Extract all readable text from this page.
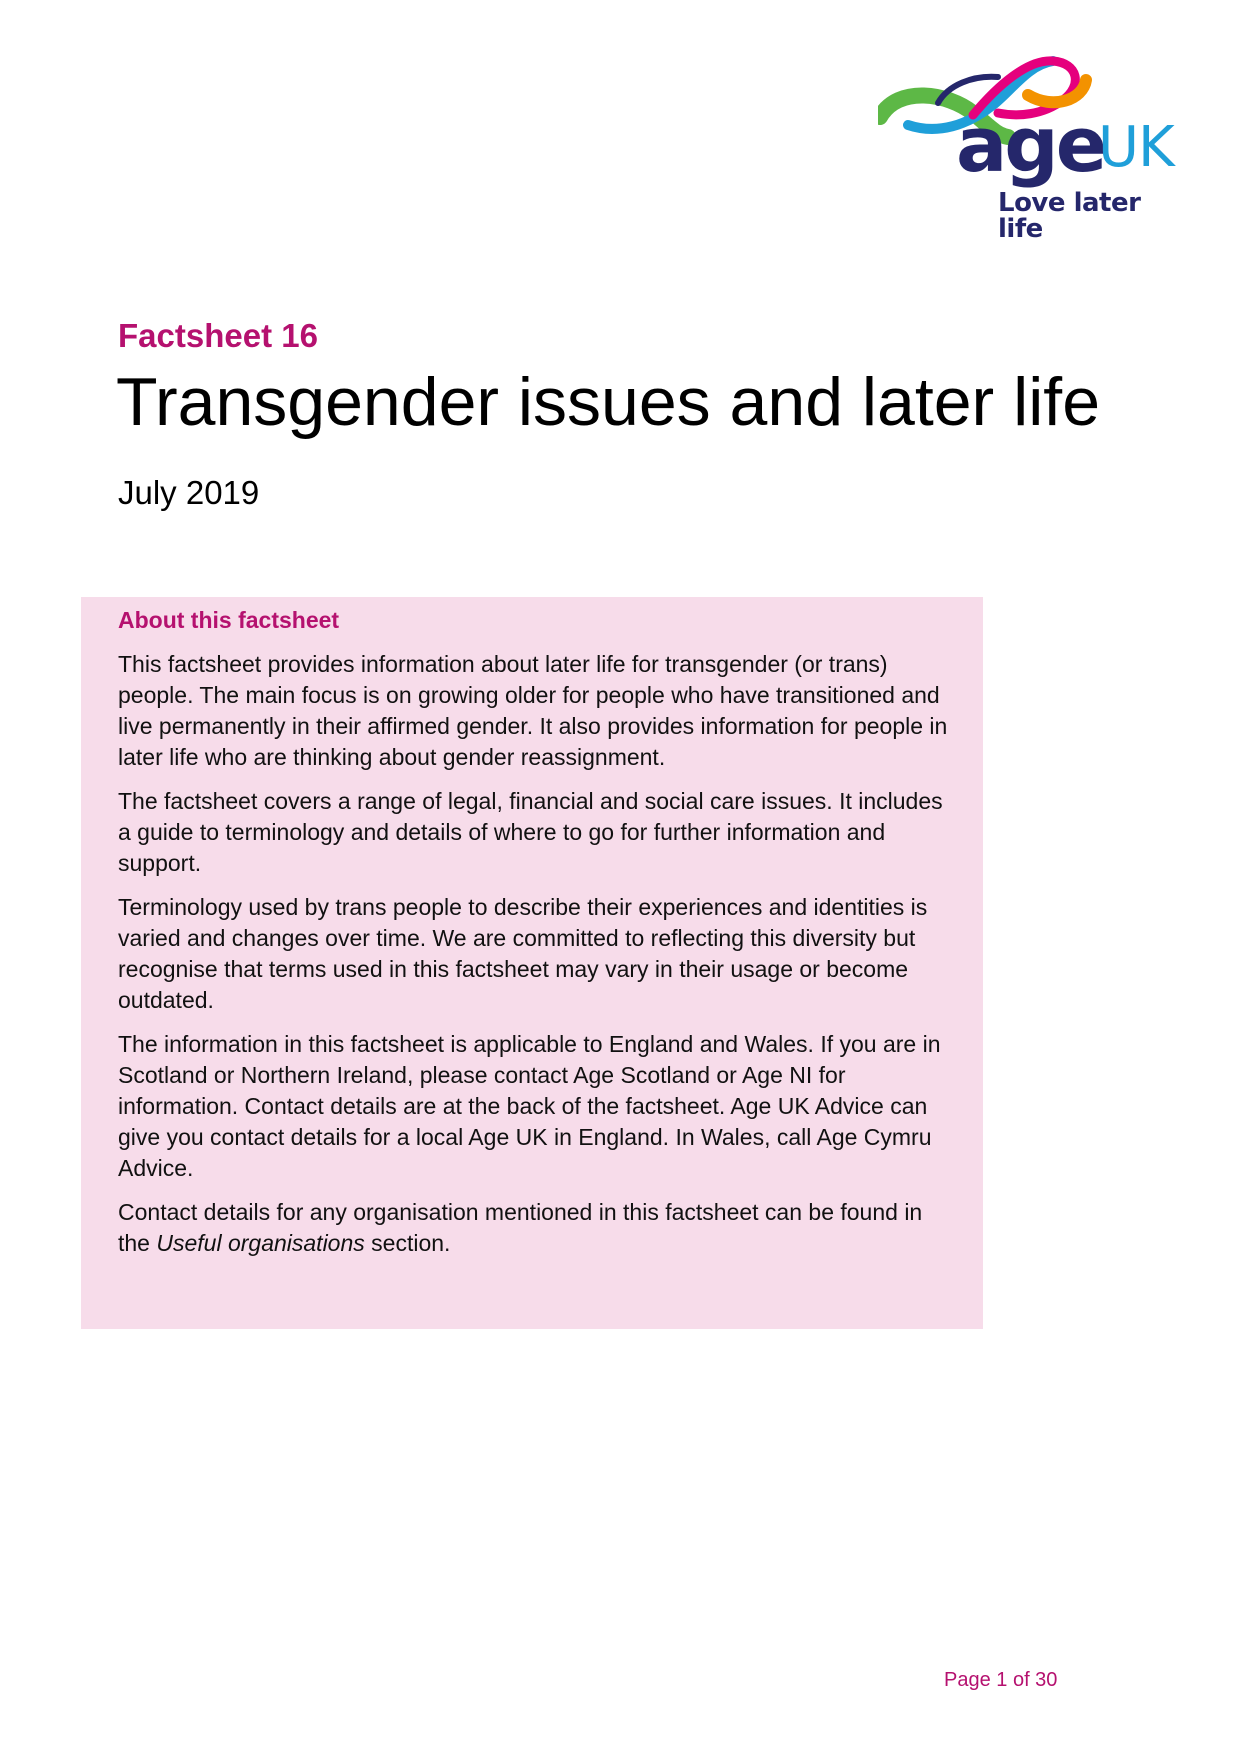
age
UK
Love later life
Factsheet 16
Transgender issues and later life
July 2019
About this factsheet

This factsheet provides information about later life for transgender (or trans) people. The main focus is on growing older for people who have transitioned and live permanently in their affirmed gender. It also provides information for people in later life who are thinking about gender reassignment.

The factsheet covers a range of legal, financial and social care issues. It includes a guide to terminology and details of where to go for further information and support.

Terminology used by trans people to describe their experiences and identities is varied and changes over time. We are committed to reflecting this diversity but recognise that terms used in this factsheet may vary in their usage or become outdated.

The information in this factsheet is applicable to England and Wales. If you are in Scotland or Northern Ireland, please contact Age Scotland or Age NI for information. Contact details are at the back of the factsheet. Age UK Advice can give you contact details for a local Age UK in England. In Wales, call Age Cymru Advice.

Contact details for any organisation mentioned in this factsheet can be found in the Useful organisations section.

Page 1 of 30
